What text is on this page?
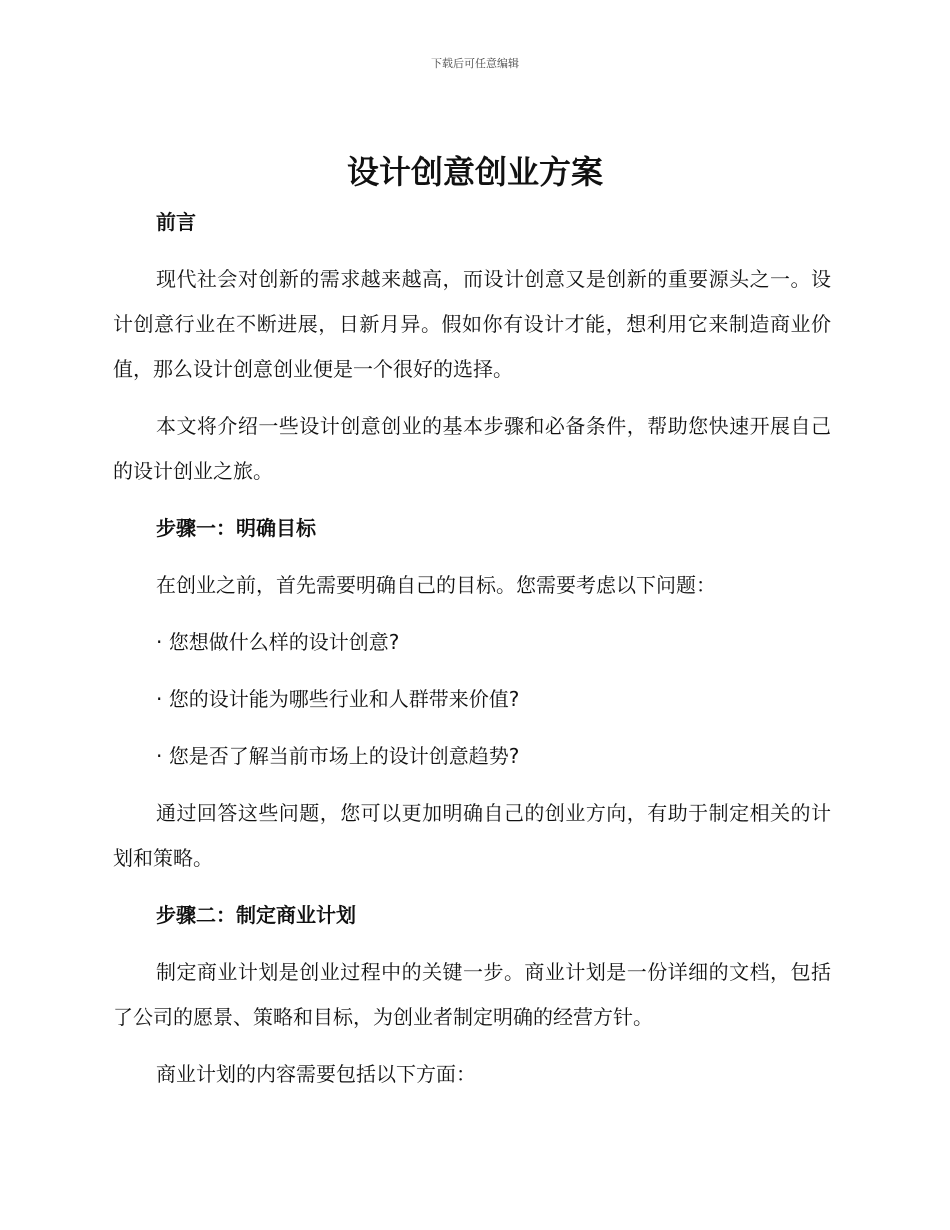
下载后可任意编辑
设计创意创业方案

前言

现代社会对创新的需求越来越高，而设计创意又是创新的重要源头之一。设计创意行业在不断进展，日新月异。假如你有设计才能，想利用它来制造商业价值，那么设计创意创业便是一个很好的选择。

本文将介绍一些设计创意创业的基本步骤和必备条件，帮助您快速开展自己的设计创业之旅。

步骤一：明确目标

在创业之前，首先需要明确自己的目标。您需要考虑以下问题：

· 您想做什么样的设计创意?

· 您的设计能为哪些行业和人群带来价值?

· 您是否了解当前市场上的设计创意趋势?

通过回答这些问题，您可以更加明确自己的创业方向，有助于制定相关的计划和策略。

步骤二：制定商业计划

制定商业计划是创业过程中的关键一步。商业计划是一份详细的文档，包括了公司的愿景、策略和目标，为创业者制定明确的经营方针。

商业计划的内容需要包括以下方面：
